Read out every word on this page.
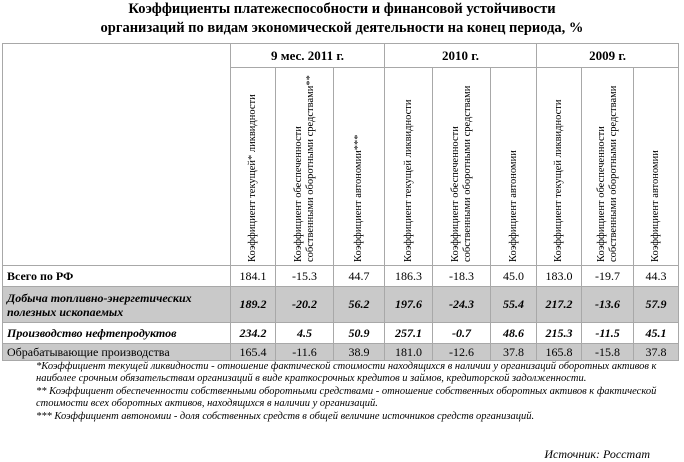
Коэффициенты платежеспособности и финансовой устойчивости
организаций по видам экономической деятельности на конец периода, %
	9 мес. 2011 г.			2010 г.			2009 г.		

	Коэффициент текущей* ликвидности	Коэффициент обеспеченности собственными оборотными средствами**	Коэффициент автономии***	Коэффициент текущей ликвидности	Коэффициент обеспеченности собственными оборотными средствами	Коэффициент автономии	Коэффициент текущей ликвидности	Коэффициент обеспеченности собственными оборотными средствами	Коэффициент автономии

Всего по РФ	184.1	-15.3	44.7	186.3	-18.3	45.0	183.0	-19.7	44.3
Добыча топливно-энергетических полезных ископаемых	189.2	-20.2	56.2	197.6	-24.3	55.4	217.2	-13.6	57.9
Производство нефтепродуктов	234.2	4.5	50.9	257.1	-0.7	48.6	215.3	-11.5	45.1
Обрабатывающие производства	165.4	-11.6	38.9	181.0	-12.6	37.8	165.8	-15.8	37.8

*Коэффициент текущей ликвидности - отношение фактической стоимости находящихся в наличии у организаций оборотных активов к наиболее срочным обязательствам организаций в виде краткосрочных кредитов и займов, кредиторской задолженности.

** Коэффициент обеспеченности собственными оборотными средствами - отношение собственных оборотных активов к фактической стоимости всех оборотных активов, находящихся в наличии у организаций.

*** Коэффициент автономии - доля собственных средств в общей величине источников средств организаций.

Источник: Росстат
